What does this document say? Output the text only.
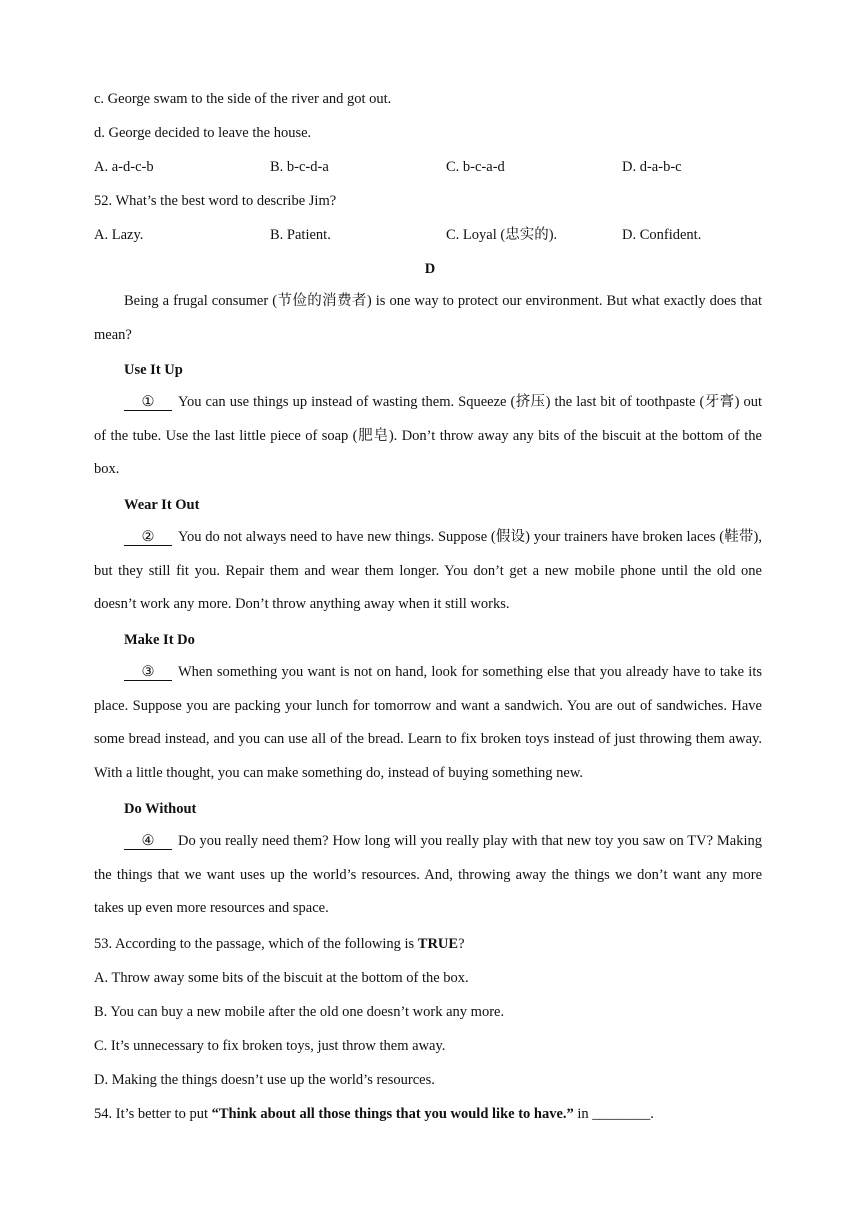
c. George swam to the side of the river and got out.
d. George decided to leave the house.
A. a-d-c-b	B. b-c-d-a	C. b-c-a-d	D. d-a-b-c
52. What’s the best word to describe Jim?
A. Lazy.	B. Patient.	C. Loyal (忠实的).	D. Confident.
D
Being a frugal consumer (节俭的消费者) is one way to protect our environment. But what exactly does that mean?
Use It Up
① You can use things up instead of wasting them. Squeeze (挤压) the last bit of toothpaste (牙膏) out of the tube. Use the last little piece of soap (肥皂). Don’t throw away any bits of the biscuit at the bottom of the box.
Wear It Out
② You do not always need to have new things. Suppose (假设) your trainers have broken laces (鞋带), but they still fit you. Repair them and wear them longer. You don’t get a new mobile phone until the old one doesn’t work any more. Don’t throw anything away when it still works.
Make It Do
③ When something you want is not on hand, look for something else that you already have to take its place. Suppose you are packing your lunch for tomorrow and want a sandwich. You are out of sandwiches. Have some bread instead, and you can use all of the bread. Learn to fix broken toys instead of just throwing them away. With a little thought, you can make something do, instead of buying something new.
Do Without
④ Do you really need them? How long will you really play with that new toy you saw on TV? Making the things that we want uses up the world’s resources. And, throwing away the things we don’t want any more takes up even more resources and space.
53. According to the passage, which of the following is TRUE?
A. Throw away some bits of the biscuit at the bottom of the box.
B. You can buy a new mobile after the old one doesn’t work any more.
C. It’s unnecessary to fix broken toys, just throw them away.
D. Making the things doesn’t use up the world’s resources.
54. It’s better to put “Think about all those things that you would like to have.” in ________.
